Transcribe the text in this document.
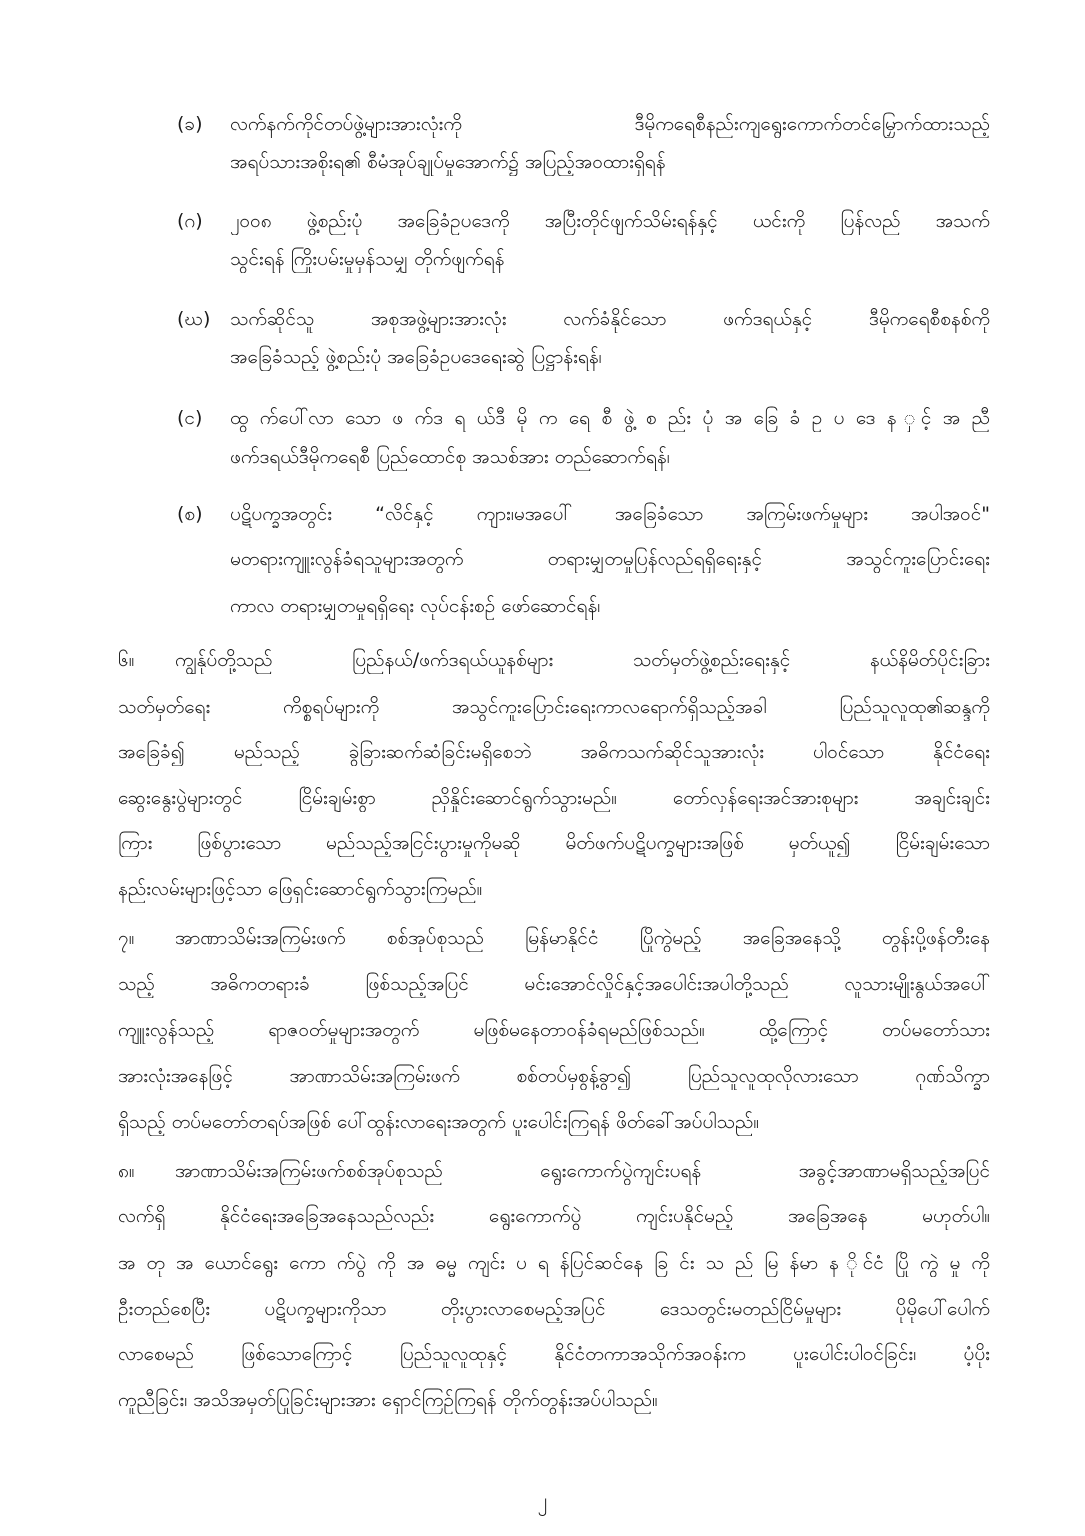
(ခ) လက်နက်ကိုင်တပ်ဖွဲ့များအားလုံးကို ဒီမိုကရေစီနည်းကျရွေးကောက်တင်မြှောက်ထားသည့်
အရပ်သားအစိုးရ၏ စီမံအုပ်ချုပ်မှုအောက်၌ အပြည့်အဝထားရှိရန်
(ဂ) ၂၀၀၈ ဖွဲ့စည်းပုံ အခြေခံဥပဒေကို အပြီးတိုင်ဖျက်သိမ်းရန်နှင့် ယင်းကို ပြန်လည် အသက်
သွင်းရန် ကြိုးပမ်းမှုမှန်သမျှ တိုက်ဖျက်ရန်
(ဃ) သက်ဆိုင်သူ အစုအဖွဲ့များအားလုံး လက်ခံနိုင်သော ဖက်ဒရယ်နှင့် ဒီမိုကရေစီစနစ်ကို
အခြေခံသည့် ဖွဲ့စည်းပုံ အခြေခံဥပဒေရေးဆွဲ ပြဋ္ဌာန်းရန်၊
(င) ထွ က်ပေါ်လာ သော ဖ က်ဒ ရ ယ်ဒီ မို က ရေ စီ ဖွဲ့ စ ည်း ပုံ အ ခြေ ခံ ဥ ပ ဒေ န ှင့် အ ညီ
ဖက်ဒရယ်ဒီမိုကရေစီ ပြည်ထောင်စု အသစ်အား တည်ဆောက်ရန်၊
(စ) ပဋိပက္ခအတွင်း “လိင်နှင့် ကျား၊မအပေါ် အခြေခံသော အကြမ်းဖက်မှုများ အပါအဝင်"
မတရားကျူးလွန်ခံရသူများအတွက် တရားမျှတမှုပြန်လည်ရရှိရေးနှင့် အသွင်ကူးပြောင်းရေး
ကာလ တရားမျှတမှုရရှိရေး လုပ်ငန်းစဉ် ဖော်ဆောင်ရန်၊
၆။ ကျွန်ုပ်တို့သည် ပြည်နယ်/ဖက်ဒရယ်ယူနစ်များ သတ်မှတ်ဖွဲ့စည်းရေးနှင့် နယ်နိမိတ်ပိုင်းခြား
သတ်မှတ်ရေး ကိစ္စရပ်များကို အသွင်ကူးပြောင်းရေးကာလရောက်ရှိသည့်အခါ ပြည်သူလူထု၏ဆန္ဒကို
အခြေခံ၍ မည်သည့် ခွဲခြားဆက်ဆံခြင်းမရှိစေဘဲ အဓိကသက်ဆိုင်သူအားလုံး ပါဝင်သော နိုင်ငံရေး
ဆွေးနွေးပွဲများတွင် ငြိမ်းချမ်းစွာ ညှိနှိုင်းဆောင်ရွက်သွားမည်။ တော်လှန်ရေးအင်အားစုများ အချင်းချင်း
ကြား ဖြစ်ပွားသော မည်သည့်အငြင်းပွားမှုကိုမဆို မိတ်ဖက်ပဋိပက္ခများအဖြစ် မှတ်ယူ၍ ငြိမ်းချမ်းသော
နည်းလမ်းများဖြင့်သာ ဖြေရှင်းဆောင်ရွက်သွားကြမည်။
၇။ အာဏာသိမ်းအကြမ်းဖက် စစ်အုပ်စုသည် မြန်မာနိုင်ငံ ပြိုကွဲမည့် အခြေအနေသို့ တွန်းပို့ဖန်တီးနေ
သည့် အဓိကတရားခံ ဖြစ်သည့်အပြင် မင်းအောင်လှိုင်နှင့်အပေါင်းအပါတို့သည် လူသားမျိုးနွယ်အပေါ်
ကျူးလွန်သည့် ရာဇဝတ်မှုများအတွက် မဖြစ်မနေတာဝန်ခံရမည်ဖြစ်သည်။ ထို့ကြောင့် တပ်မတော်သား
အားလုံးအနေဖြင့် အာဏာသိမ်းအကြမ်းဖက် စစ်တပ်မှစွန့်ခွာ၍ ပြည်သူလူထုလိုလားသော ဂုဏ်သိက္ခာ
ရှိသည့် တပ်မတော်တရပ်အဖြစ် ပေါ်ထွန်းလာရေးအတွက် ပူးပေါင်းကြရန် ဖိတ်ခေါ်အပ်ပါသည်။
၈။ အာဏာသိမ်းအကြမ်းဖက်စစ်အုပ်စုသည် ရွေးကောက်ပွဲကျင်းပရန် အခွင့်အာဏာမရှိသည့်အပြင်
လက်ရှိ နိုင်ငံရေးအခြေအနေသည်လည်း ရွေးကောက်ပွဲ ကျင်းပနိုင်မည့် အခြေအနေ မဟုတ်ပါ။
အ တု အ ယောင်ရွေး ကော က်ပွဲ ကို အ ဓမ္မ ကျင်း ပ ရ န်ပြင်ဆင်နေ ခြ င်း သ ည် မြ န်မာ န ိုင်ငံ ပြို ကွဲ မှု ကို
ဦးတည်စေပြီး ပဋိပက္ခများကိုသာ တိုးပွားလာစေမည့်အပြင် ဒေသတွင်းမတည်ငြိမ်မှုများ ပိုမိုပေါ်ပေါက်
လာစေမည် ဖြစ်သောကြောင့် ပြည်သူလူထုနှင့် နိုင်ငံတကာအသိုက်အဝန်းက ပူးပေါင်းပါဝင်ခြင်း၊ ပံ့ပိုး
ကူညီခြင်း၊ အသိအမှတ်ပြုခြင်းများအား ရှောင်ကြဉ်ကြရန် တိုက်တွန်းအပ်ပါသည်။
၂
